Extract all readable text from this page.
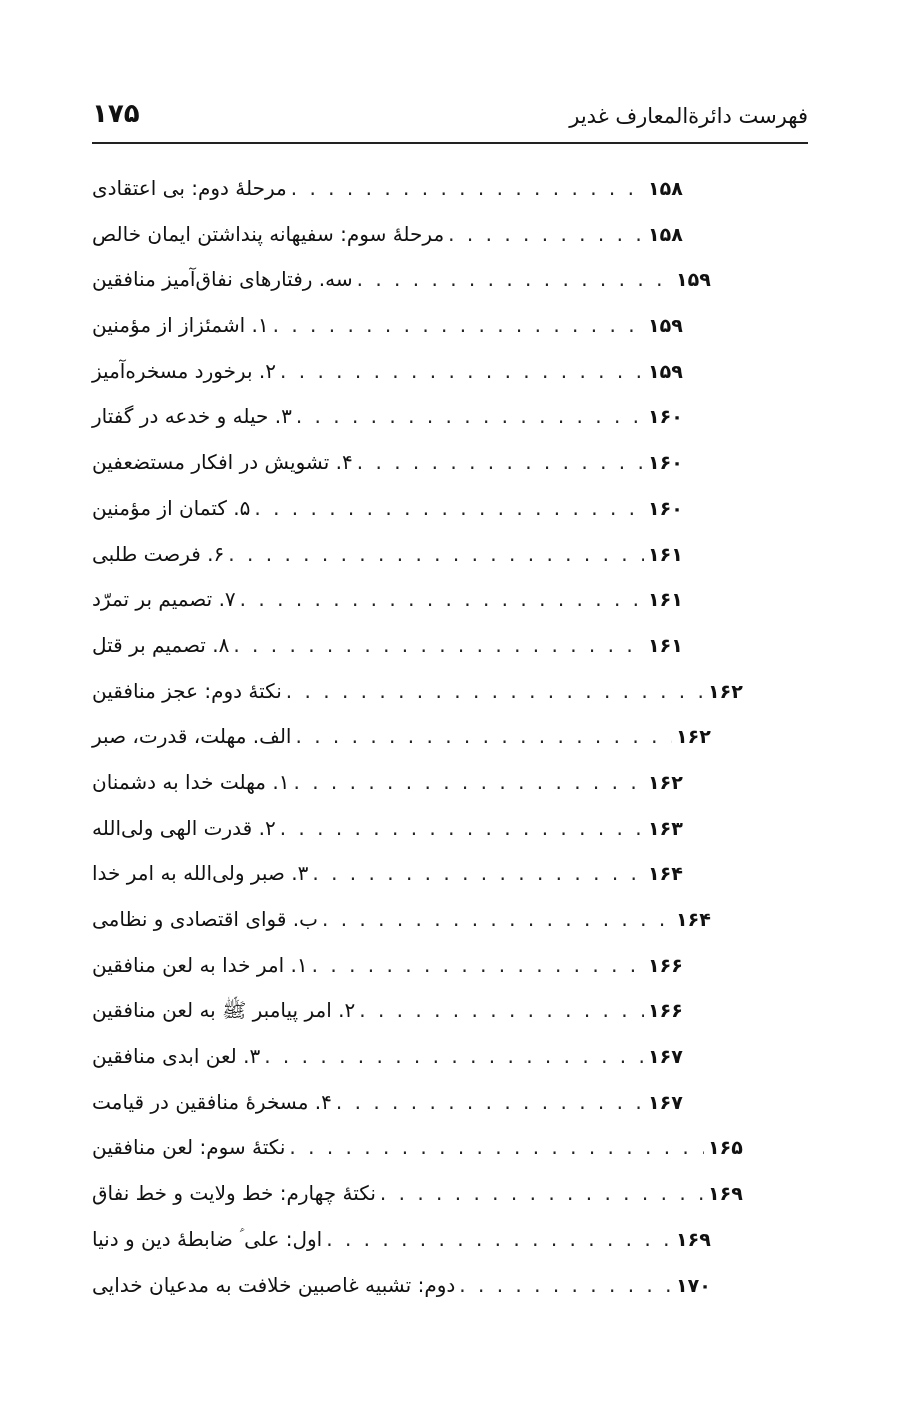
۱۷۵	فهرست دائرةالمعارف غدیر
مرحلۀ دوم: بی اعتقادی . . .	۱۵۸
مرحلۀ سوم: سفیهانه پنداشتن ایمان خالص . . .	۱۵۸
سه. رفتارهای نفاق‌آمیز منافقین . . .	۱۵۹
۱. اشمئزاز از مؤمنین . . .	۱۵۹
۲. برخورد مسخره‌آمیز . . .	۱۵۹
۳. حیله و خدعه در گفتار . . .	۱۶۰
۴. تشویش در افکار مستضعفین . . .	۱۶۰
۵. کتمان از مؤمنین . . .	۱۶۰
۶. فرصت طلبی . . .	۱۶۱
۷. تصمیم بر تمرّد . . .	۱۶۱
۸. تصمیم بر قتل . . .	۱۶۱
نکتۀ دوم: عجز منافقین . . .	۱۶۲
الف. مهلت، قدرت، صبر . . .	۱۶۲
۱. مهلت خدا به دشمنان . . .	۱۶۲
۲. قدرت الهی ولی‌الله . . .	۱۶۳
۳. صبر ولی‌الله به امر خدا . . .	۱۶۴
ب. قوای اقتصادی و نظامی . . .	۱۶۴
۱. امر خدا به لعن منافقین . . .	۱۶۶
۲. امر پیامبر ﷺ به لعن منافقین . . .	۱۶۶
۳. لعن ابدی منافقین . . .	۱۶۷
۴. مسخرۀ منافقین در قیامت . . .	۱۶۷
نکتۀ سوم: لعن منافقین . . .	۱۶۵
نکتۀ چهارم: خط ولایت و خط نفاق . . .	۱۶۹
اول: علی ؑ ضابطۀ دین و دنیا . . .	۱۶۹
دوم: تشبیه غاصبین خلافت به مدعیان خدایی . . .	۱۷۰
